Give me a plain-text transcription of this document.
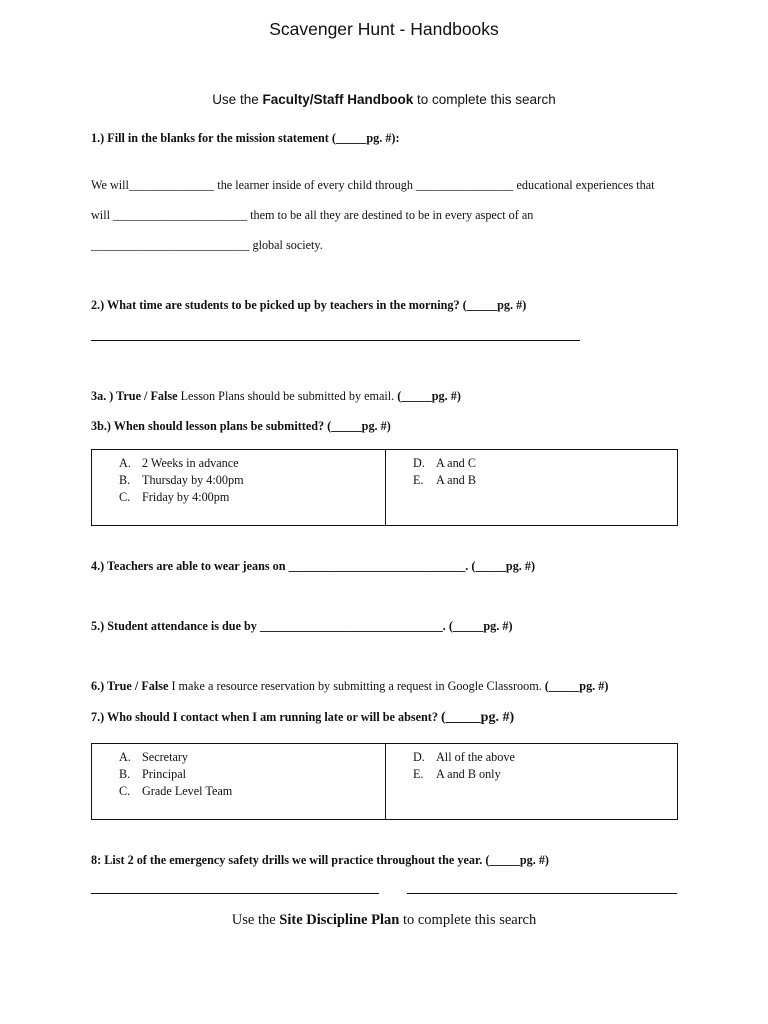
Scavenger Hunt - Handbooks
Use the Faculty/Staff Handbook to complete this search
1.) Fill in the blanks for the mission statement (_____pg. #):
We will______________ the learner inside of every child through ________________ educational experiences that
will ______________________ them to be all they are destined to be in every aspect of an
__________________________ global society.
2.) What time are students to be picked up by teachers in the morning? (_____pg. #)
3a. ) True / False Lesson Plans should be submitted by email. (_____pg. #)
3b.) When should lesson plans be submitted? (_____pg. #)
A. 2 Weeks in advance
B. Thursday by 4:00pm
C. Friday by 4:00pm
D. A and C
E.	A and B
4.) Teachers are able to wear jeans on _____________________________. (_____pg. #)
5.) Student attendance is due by ______________________________. (_____pg. #)
6.) True / False I make a resource reservation by submitting a request in Google Classroom. (_____pg. #)
7.) Who should I contact when I am running late or will be absent? (_____pg. #)
A. Secretary
B. Principal
C. Grade Level Team
D. All of the above
E.	A and B only
8: List 2 of the emergency safety drills we will practice throughout the year. (_____pg. #)
Use the Site Discipline Plan to complete this search
